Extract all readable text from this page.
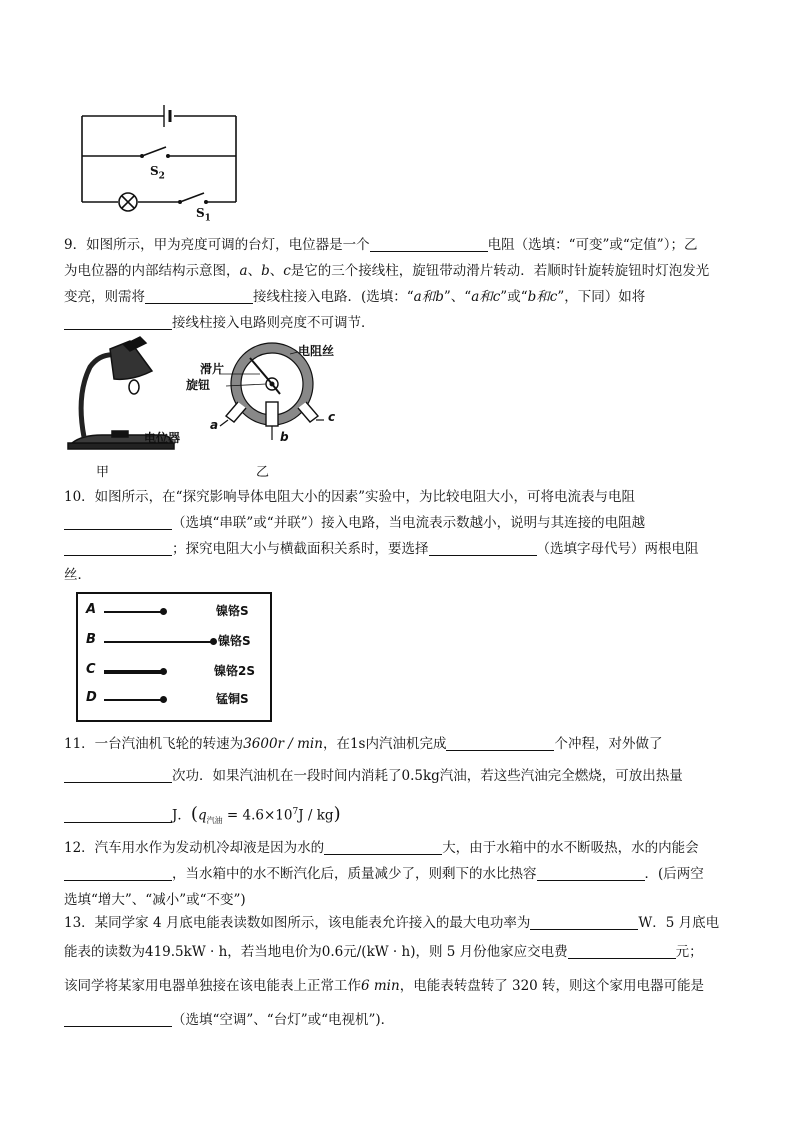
$S_2$
$S_1$

9．如图所示，甲为亮度可调的台灯，电位器是一个	电阻（选填：“可变”或“定值”）；乙

为电位器的内部结构示意图，a、b、c是它的三个接线柱，旋钮带动滑片转动．若顺时针旋转旋钮时灯泡发光

变亮，则需将	接线柱接入电路．(选填：“a和b”、“a和c”或“b和c”，下同）如将

接线柱接入电路则亮度不可调节．

电位器
甲
滑片
旋钮
电阻丝
a
b
c
乙

10．如图所示，在“探究影响导体电阻大小的因素”实验中，为比较电阻大小，可将电流表与电阻

（选填“串联”或“并联”）接入电路，当电流表示数越小，说明与其连接的电阻越

；探究电阻大小与横截面积关系时，要选择	（选填字母代号）两根电阻

丝．

A	镍铬S
B	镍铬S
C	镍铬2S
D	锰铜S

11．一台汽油机飞轮的转速为3600r / min，在1s内汽油机完成	个冲程，对外做了

次功．如果汽油机在一段时间内消耗了0.5kg汽油，若这些汽油完全燃烧，可放出热量

J．$(q_{汽油} = 4.6\times 10^7J / kg)$

12．汽车用水作为发动机冷却液是因为水的	大，由于水箱中的水不断吸热，水的内能会

，当水箱中的水不断汽化后，质量减少了，则剩下的水比热容	．(后两空

选填“增大”、“减小”或“不变”)

13．某同学家 4 月底电能表读数如图所示，该电能表允许接入的最大电功率为	W．5 月底电

能表的读数为419.5kW · h，若当地电价为0.6元/(kW · h)，则 5 月份他家应交电费	元；

该同学将某家用电器单独接在该电能表上正常工作6 min，电能表转盘转了 320 转，则这个家用电器可能是

（选填“空调”、“台灯”或“电视机”)．
